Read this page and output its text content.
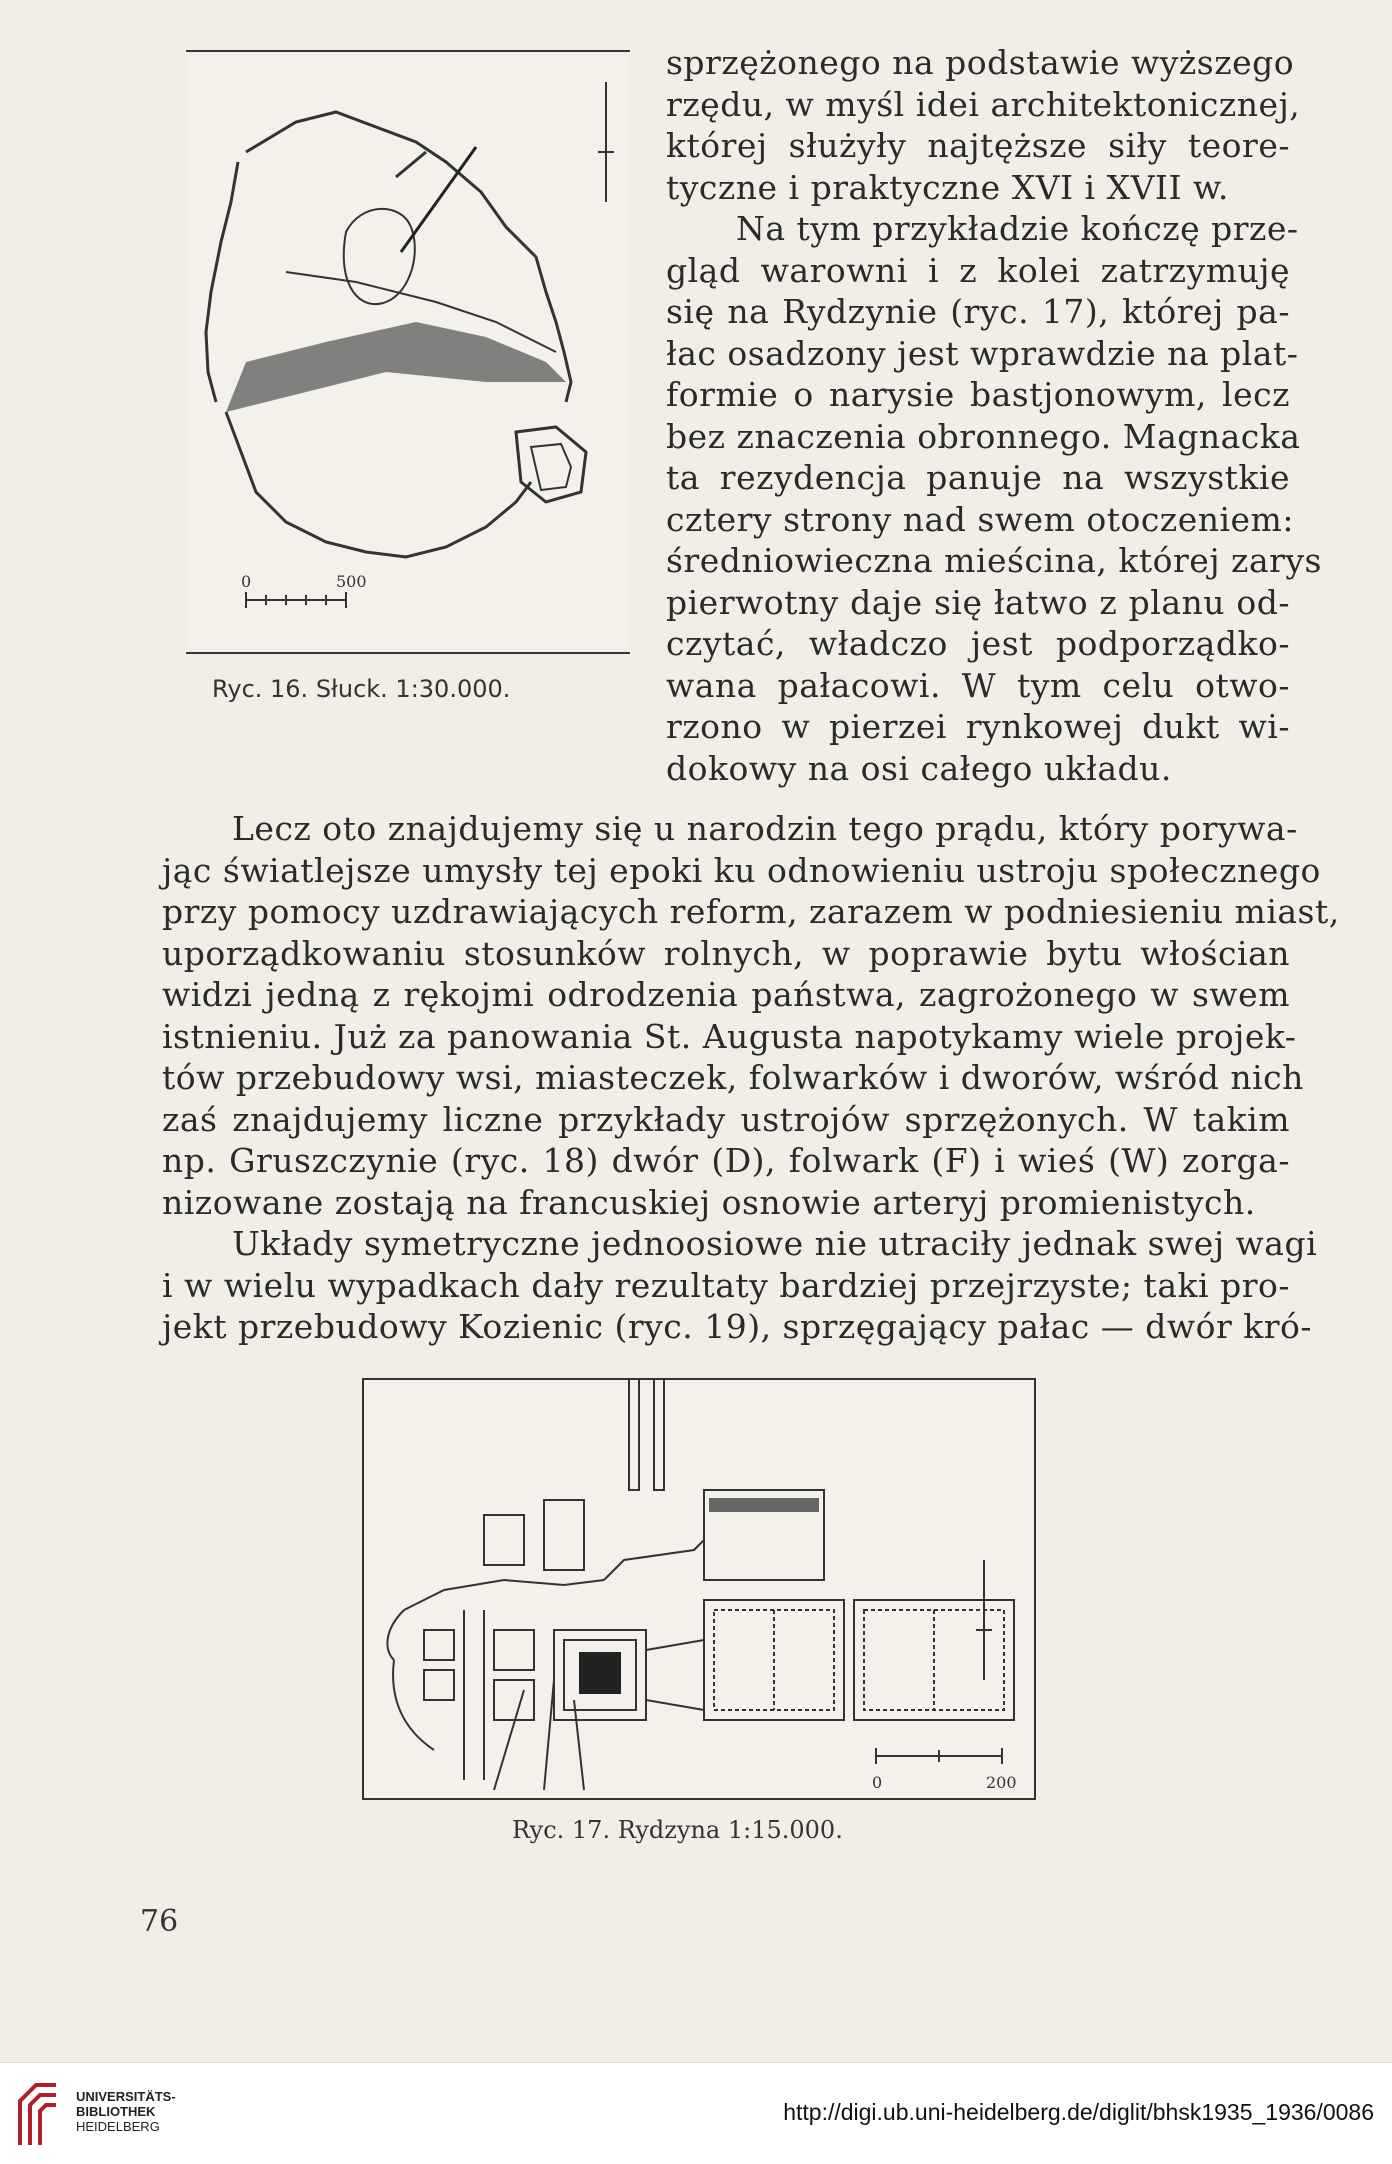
0	500
Ryc. 16. Słuck. 1:30.000.
sprzężonego na podstawie wyższego
rzędu, w myśl idei architektonicznej,
której służyły najtęższe siły teore-
tyczne i praktyczne XVI i XVII w.
Na tym przykładzie kończę prze-
gląd warowni i z kolei zatrzymuję
się na Rydzynie (ryc. 17), której pa-
łac osadzony jest wprawdzie na plat-
formie o narysie bastjonowym, lecz
bez znaczenia obronnego. Magnacka
ta rezydencja panuje na wszystkie
cztery strony nad swem otoczeniem:
średniowieczna mieścina, której zarys
pierwotny daje się łatwo z planu od-
czytać, władczo jest podporządko-
wana pałacowi. W tym celu otwo-
rzono w pierzei rynkowej dukt wi-
dokowy na osi całego układu.
Lecz oto znajdujemy się u narodzin tego prądu, który porywa-
jąc światlejsze umysły tej epoki ku odnowieniu ustroju społecznego
przy pomocy uzdrawiających reform, zarazem w podniesieniu miast,
uporządkowaniu stosunków rolnych, w poprawie bytu włościan
widzi jedną z rękojmi odrodzenia państwa, zagrożonego w swem
istnieniu. Już za panowania St. Augusta napotykamy wiele projek-
tów przebudowy wsi, miasteczek, folwarków i dworów, wśród nich
zaś znajdujemy liczne przykłady ustrojów sprzężonych. W takim
np. Gruszczynie (ryc. 18) dwór (D), folwark (F) i wieś (W) zorga-
nizowane zostają na francuskiej osnowie arteryj promienistych.
Układy symetryczne jednoosiowe nie utraciły jednak swej wagi
i w wielu wypadkach dały rezultaty bardziej przejrzyste; taki pro-
jekt przebudowy Kozienic (ryc. 19), sprzęgający pałac — dwór kró-
0	200
Ryc. 17. Rydzyna 1:15.000.
76
UNIVERSITÄTS-
BIBLIOTHEK
HEIDELBERG
http://digi.ub.uni-heidelberg.de/diglit/bhsk1935_1936/0086
